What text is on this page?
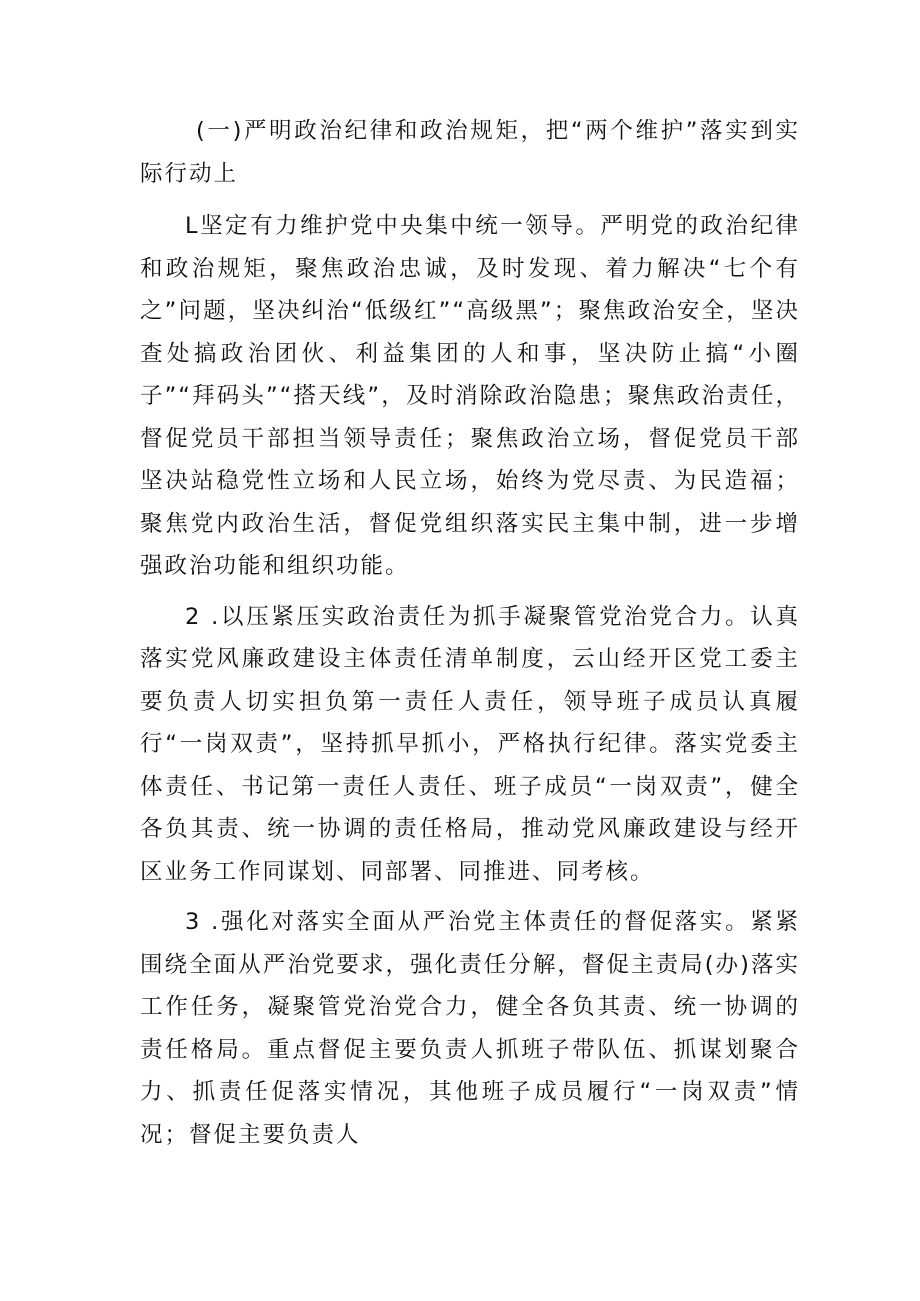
(一)严明政治纪律和政治规矩，把“两个维护”落实到实际行动上

L坚定有力维护党中央集中统一领导。严明党的政治纪律和政治规矩，聚焦政治忠诚，及时发现、着力解决“七个有之”问题，坚决纠治“低级红”“高级黑”；聚焦政治安全，坚决查处搞政治团伙、利益集团的人和事，坚决防止搞“小圈子”“拜码头”“搭天线”，及时消除政治隐患；聚焦政治责任，督促党员干部担当领导责任；聚焦政治立场，督促党员干部坚决站稳党性立场和人民立场，始终为党尽责、为民造福；聚焦党内政治生活，督促党组织落实民主集中制，进一步增强政治功能和组织功能。

2 .以压紧压实政治责任为抓手凝聚管党治党合力。认真落实党风廉政建设主体责任清单制度，云山经开区党工委主要负责人切实担负第一责任人责任，领导班子成员认真履行“一岗双责”，坚持抓早抓小，严格执行纪律。落实党委主体责任、书记第一责任人责任、班子成员“一岗双责”，健全各负其责、统一协调的责任格局，推动党风廉政建设与经开区业务工作同谋划、同部署、同推进、同考核。

3 .强化对落实全面从严治党主体责任的督促落实。紧紧围绕全面从严治党要求，强化责任分解，督促主责局(办)落实工作任务，凝聚管党治党合力，健全各负其责、统一协调的责任格局。重点督促主要负责人抓班子带队伍、抓谋划聚合力、抓责任促落实情况，其他班子成员履行“一岗双责”情况；督促主要负责人
